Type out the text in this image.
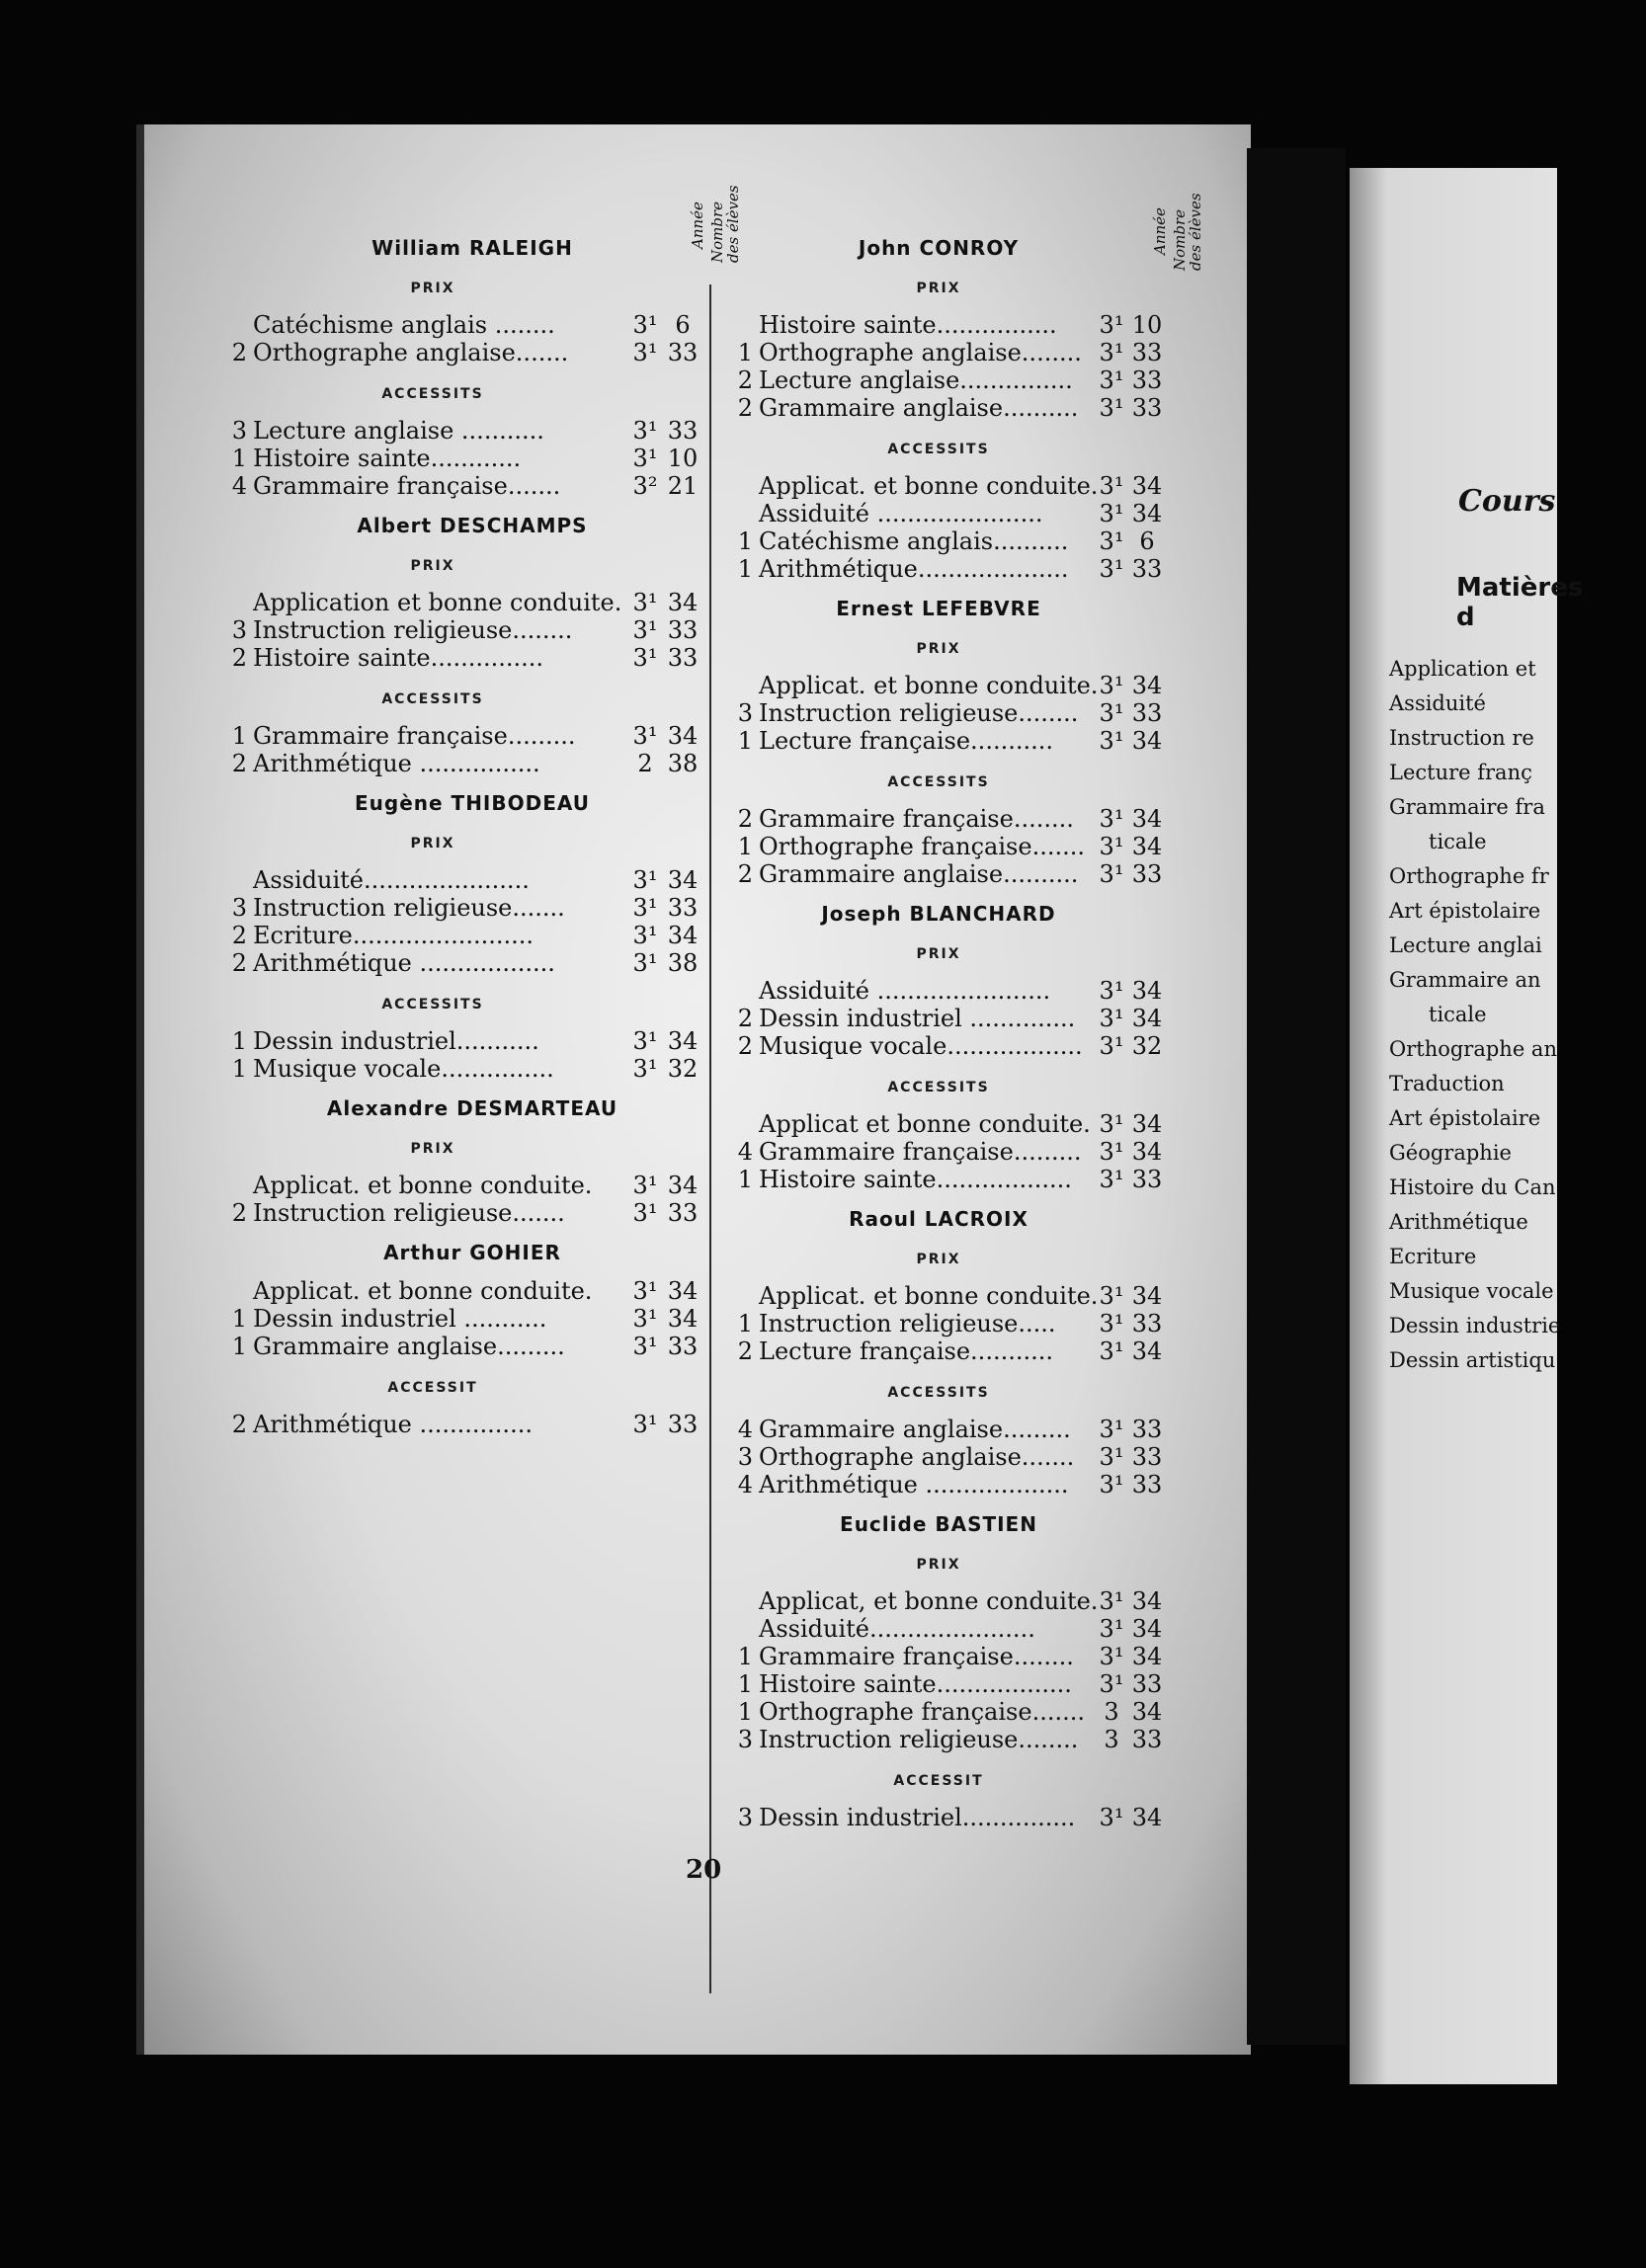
Année Nombre
des élèves
William RALEIGH
PRIX
Catéchisme anglais ........	3¹ 6
2 Orthographe anglaise.......	3¹ 33
ACCESSITS
3 Lecture anglaise ...........	3¹ 33
1 Histoire sainte............	3¹ 10
4 Grammaire française.......	3² 21
Albert DESCHAMPS
PRIX
Application et bonne conduite. 3¹ 34
3 Instruction religieuse........	3¹ 33
2 Histoire sainte...............	3¹ 33
ACCESSITS
1 Grammaire française.........	3¹ 34
2 Arithmétique ................	2 38
Eugène THIBODEAU
PRIX
Assiduité......................	3¹ 34
3 Instruction religieuse.......	3¹ 33
2 Ecriture........................	3¹ 34
2 Arithmétique ..................	3¹ 38
ACCESSITS
1 Dessin industriel...........	3¹ 34
1 Musique vocale...............	3¹ 32
Alexandre DESMARTEAU
PRIX
Applicat. et bonne conduite.	3¹ 34
2 Instruction religieuse.......	3¹ 33
Arthur GOHIER
Applicat. et bonne conduite.	3¹ 34
1 Dessin industriel ...........	3¹ 34
1 Grammaire anglaise.........	3¹ 33
ACCESSIT
2 Arithmétique ...............	3¹ 33
Année Nombre
des élèves
John CONROY
PRIX
Histoire sainte................	3¹ 10
1 Orthographe anglaise........ 3¹ 33
2 Lecture anglaise...............	3¹ 33
2 Grammaire anglaise.......... 3¹ 33
ACCESSITS
Applicat. et bonne conduite. 3¹ 34
Assiduité ......................	3¹ 34
1 Catéchisme anglais..........	3¹ 6
1 Arithmétique....................	3¹ 33
Ernest LEFEBVRE
PRIX
Applicat. et bonne conduite. 3¹ 34
3 Instruction religieuse........ 3¹ 33
1 Lecture française...........	3¹ 34
ACCESSITS
2 Grammaire française........	3¹ 34
1 Orthographe française....... 3¹ 34
2 Grammaire anglaise.......... 3¹ 33
Joseph BLANCHARD
PRIX
Assiduité .......................	3¹ 34
2 Dessin industriel ..............	3¹ 34
2 Musique vocale.................. 3¹ 32
ACCESSITS
Applicat et bonne conduite. 3¹ 34
4 Grammaire française......... 3¹ 34
1 Histoire sainte..................	3¹ 33
Raoul LACROIX
PRIX
Applicat. et bonne conduite. 3¹ 34
1 Instruction religieuse.....	3¹ 33
2 Lecture française...........	3¹ 34
ACCESSITS
4 Grammaire anglaise.........	3¹ 33
3 Orthographe anglaise.......	3¹ 33
4 Arithmétique ...................	3¹ 33
Euclide BASTIEN
PRIX
Applicat, et bonne conduite. 3¹ 34
Assiduité......................	3¹ 34
1 Grammaire française........	3¹ 34
1 Histoire sainte..................	3¹ 33
1 Orthographe française....... 3 34
3 Instruction religieuse........	3 33
ACCESSIT
3 Dessin industriel...............	3¹ 34
20
Cours
Matières d
Application et
Assiduité
Instruction re
Lecture franç
Grammaire fra
ticale
Orthographe fr
Art épistolaire
Lecture anglai
Grammaire an
ticale
Orthographe an
Traduction
Art épistolaire
Géographie
Histoire du Can
Arithmétique
Ecriture
Musique vocale
Dessin industrie
Dessin artistiqu
